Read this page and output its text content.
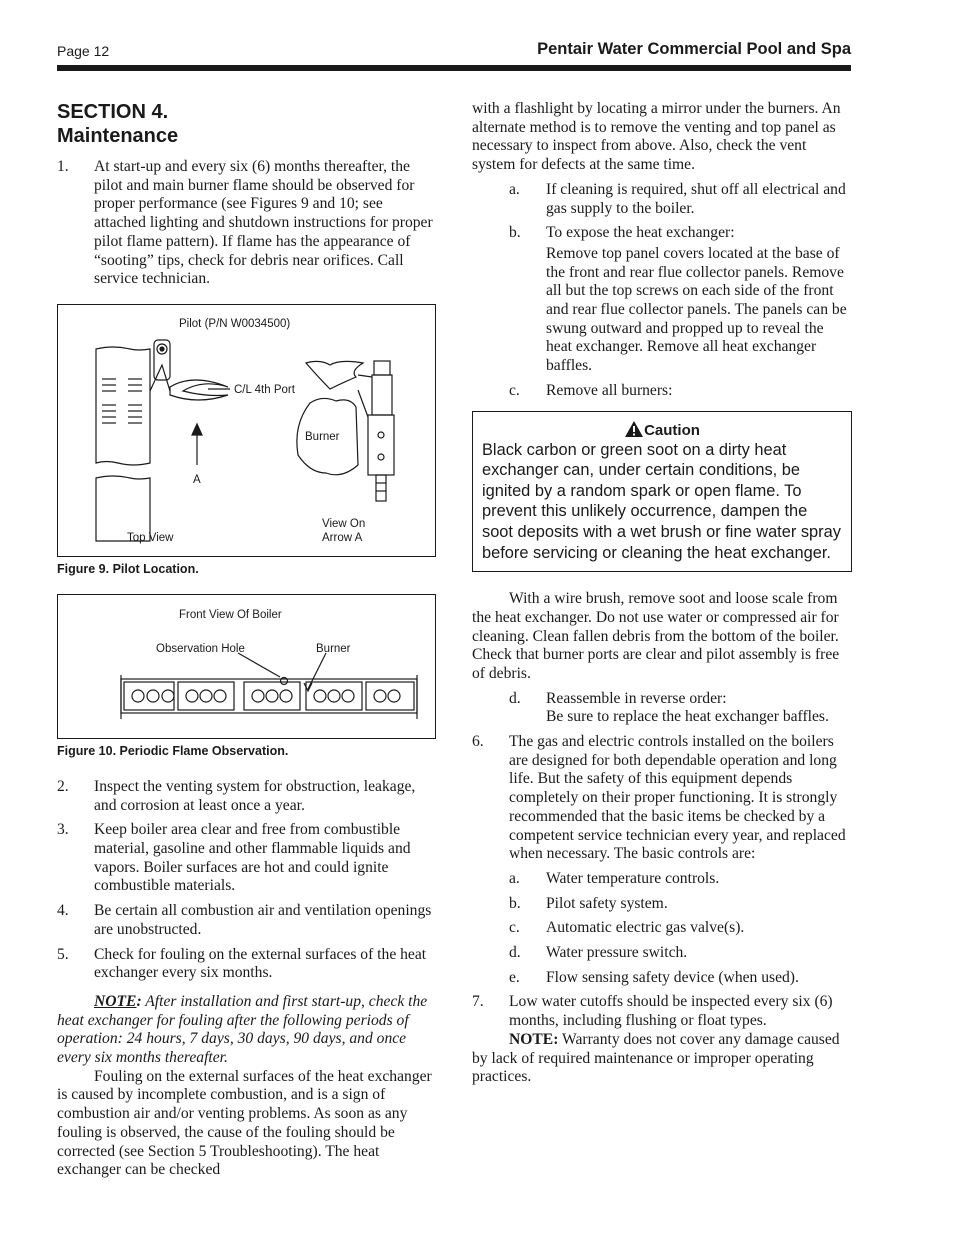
Page 12	Pentair Water Commercial Pool and Spa
SECTION 4.
Maintenance
1. At start-up and every six (6) months thereafter, the pilot and main burner flame should be observed for proper performance (see Figures 9 and 10; see attached lighting and shutdown instructions for proper pilot flame pattern). If flame has the appearance of “sooting” tips, check for debris near orifices. Call service technician.
Pilot (P/N W0034500)
C/L 4th Port
Burner
A
Top View
View On
Arrow A

Figure 9. Pilot Location.

Front View Of Boiler
Observation Hole	Burner

Figure 10. Periodic Flame Observation.

2. Inspect the venting system for obstruction, leakage, and corrosion at least once a year.
3. Keep boiler area clear and free from combustible material, gasoline and other flammable liquids and vapors. Boiler surfaces are hot and could ignite combustible materials.
4. Be certain all combustion air and ventilation openings are unobstructed.
5. Check for fouling on the external surfaces of the heat exchanger every six months.

NOTE: After installation and first start-up, check the heat exchanger for fouling after the following periods of operation: 24 hours, 7 days, 30 days, 90 days, and once every six months thereafter.

Fouling on the external surfaces of the heat exchanger is caused by incomplete combustion, and is a sign of combustion air and/or venting problems. As soon as any fouling is observed, the cause of the fouling should be corrected (see Section 5 Troubleshooting). The heat exchanger can be checked

with a flashlight by locating a mirror under the burners. An alternate method is to remove the venting and top panel as necessary to inspect from above. Also, check the vent system for defects at the same time.

a. If cleaning is required, shut off all electrical and gas supply to the boiler.
b. To expose the heat exchanger:

Remove top panel covers located at the base of the front and rear flue collector panels. Remove all but the top screws on each side of the front and rear flue collector panels. The panels can be swung outward and propped up to reveal the heat exchanger. Remove all heat exchanger baffles.

c. Remove all burners:
Caution

Black carbon or green soot on a dirty heat exchanger can, under certain conditions, be ignited by a random spark or open flame. To prevent this unlikely occurrence, dampen the soot deposits with a wet brush or fine water spray before servicing or cleaning the heat exchanger.

With a wire brush, remove soot and loose scale from the heat exchanger. Do not use water or compressed air for cleaning. Clean fallen debris from the bottom of the boiler. Check that burner ports are clear and pilot assembly is free of debris.

d. Reassemble in reverse order:

Be sure to replace the heat exchanger baffles.

6. The gas and electric controls installed on the boilers are designed for both dependable operation and long life. But the safety of this equipment depends completely on their proper functioning. It is strongly recommended that the basic items be checked by a competent service technician every year, and replaced when necessary. The basic controls are:
a. Water temperature controls.
b. Pilot safety system.
c. Automatic electric gas valve(s).
d. Water pressure switch.
e. Flow sensing safety device (when used).
7. Low water cutoffs should be inspected every six (6) months, including flushing or float types.

NOTE: Warranty does not cover any damage caused by lack of required maintenance or improper operating practices.
